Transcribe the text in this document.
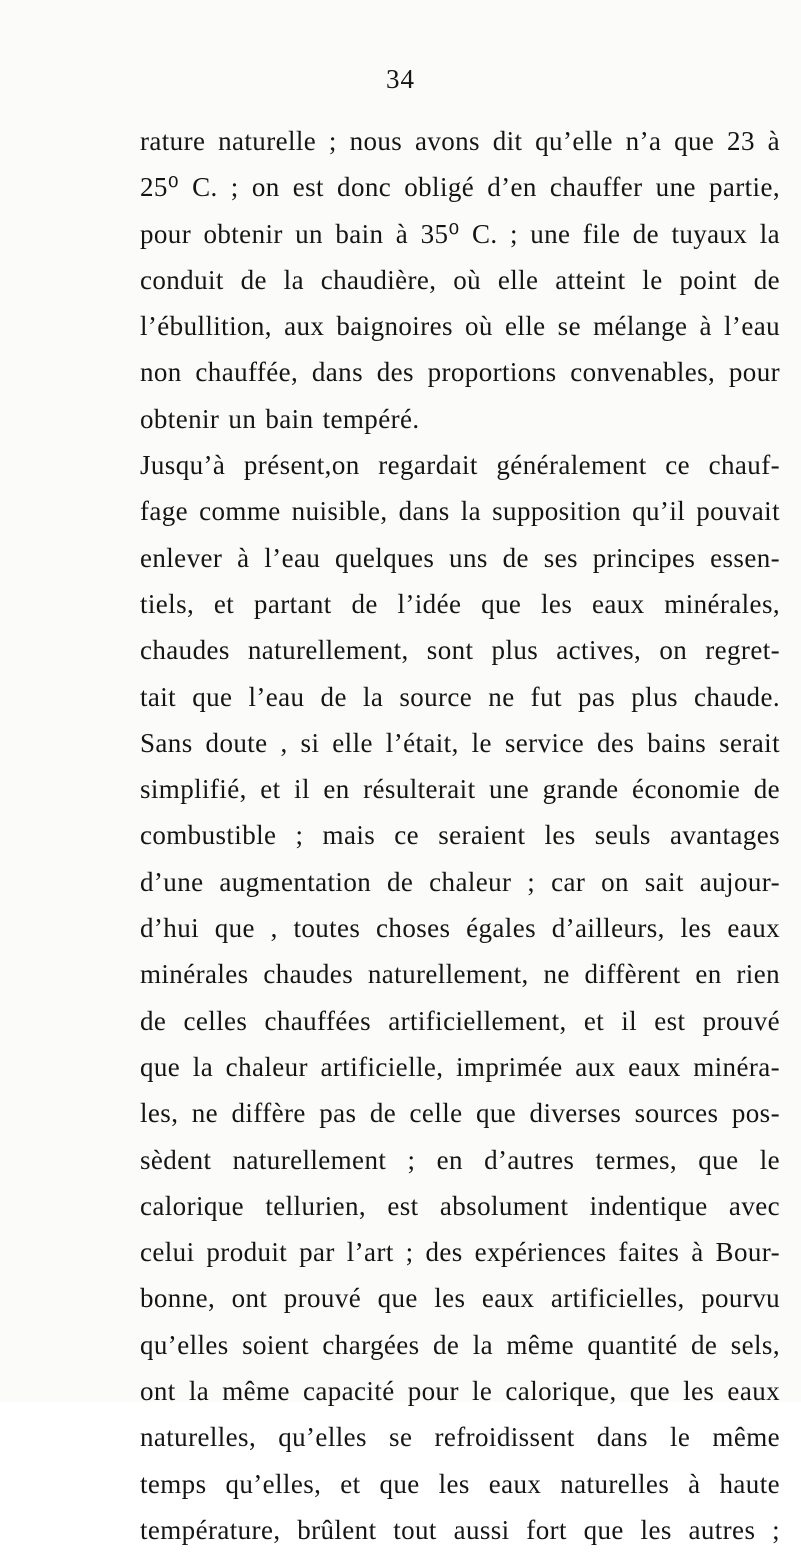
34
rature naturelle ; nous avons dit qu’elle n’a que 23 à
25⁰ C. ; on est donc obligé d’en chauffer une partie,
pour obtenir un bain à 35⁰ C. ; une file de tuyaux la
conduit de la chaudière, où elle atteint le point de
l’ébullition, aux baignoires où elle se mélange à l’eau
non chauffée, dans des proportions convenables, pour
obtenir un bain tempéré.
Jusqu’à présent,on regardait généralement ce chauf-
fage comme nuisible, dans la supposition qu’il pouvait
enlever à l’eau quelques uns de ses principes essen-
tiels, et partant de l’idée que les eaux minérales,
chaudes naturellement, sont plus actives, on regret-
tait que l’eau de la source ne fut pas plus chaude.
Sans doute , si elle l’était, le service des bains serait
simplifié, et il en résulterait une grande économie de
combustible ; mais ce seraient les seuls avantages
d’une augmentation de chaleur ; car on sait aujour-
d’hui que , toutes choses égales d’ailleurs, les eaux
minérales chaudes naturellement, ne diffèrent en rien
de celles chauffées artificiellement, et il est prouvé
que la chaleur artificielle, imprimée aux eaux minéra-
les, ne diffère pas de celle que diverses sources pos-
sèdent naturellement ; en d’autres termes, que le
calorique tellurien, est absolument indentique avec
celui produit par l’art ; des expériences faites à Bour-
bonne, ont prouvé que les eaux artificielles, pourvu
qu’elles soient chargées de la même quantité de sels,
ont la même capacité pour le calorique, que les eaux
naturelles, qu’elles se refroidissent dans le même
temps qu’elles, et que les eaux naturelles à haute
température, brûlent tout aussi fort que les autres ;
